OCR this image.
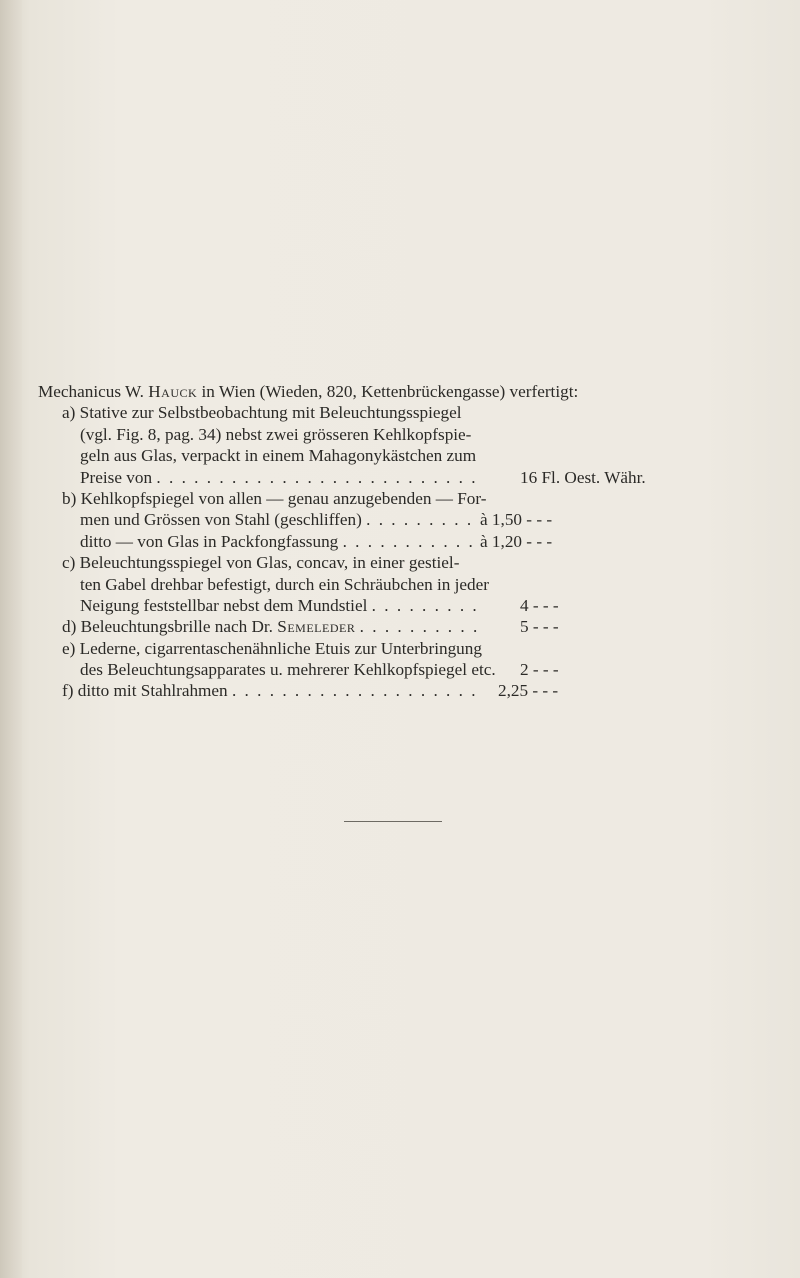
Mechanicus W. Hauck in Wien (Wieden, 820, Kettenbrückengasse) verfertigt:
a) Stative zur Selbstbeobachtung mit Beleuchtungsspiegel
(vgl. Fig. 8, pag. 34) nebst zwei grösseren Kehlkopfspie-
geln aus Glas, verpackt in einem Mahagonykästchen zum
Preise von . . . . . . . . . . . . . . . . . . . . . . . . . . 16 Fl. Oest. Währ.
b) Kehlkopfspiegel von allen — genau anzugebenden — For-
men und Grössen von Stahl (geschliffen) . . . . . . . . . à 1,50 - - -
ditto — von Glas in Packfongfassung . . . . . . . . . . . à 1,20 - - -
c) Beleuchtungsspiegel von Glas, concav, in einer gestiel-
ten Gabel drehbar befestigt, durch ein Schräubchen in jeder
Neigung feststellbar nebst dem Mundstiel . . . . . . . . . 4 - - -
d) Beleuchtungsbrille nach Dr. Semeleder . . . . . . . . . . 5 - - -
e) Lederne, cigarrentaschenähnliche Etuis zur Unterbringung
des Beleuchtungsapparates u. mehrerer Kehlkopfspiegel etc. 2 - - -
f) ditto mit Stahlrahmen . . . . . . . . . . . . . . . . . . . . 2,25 - - -
